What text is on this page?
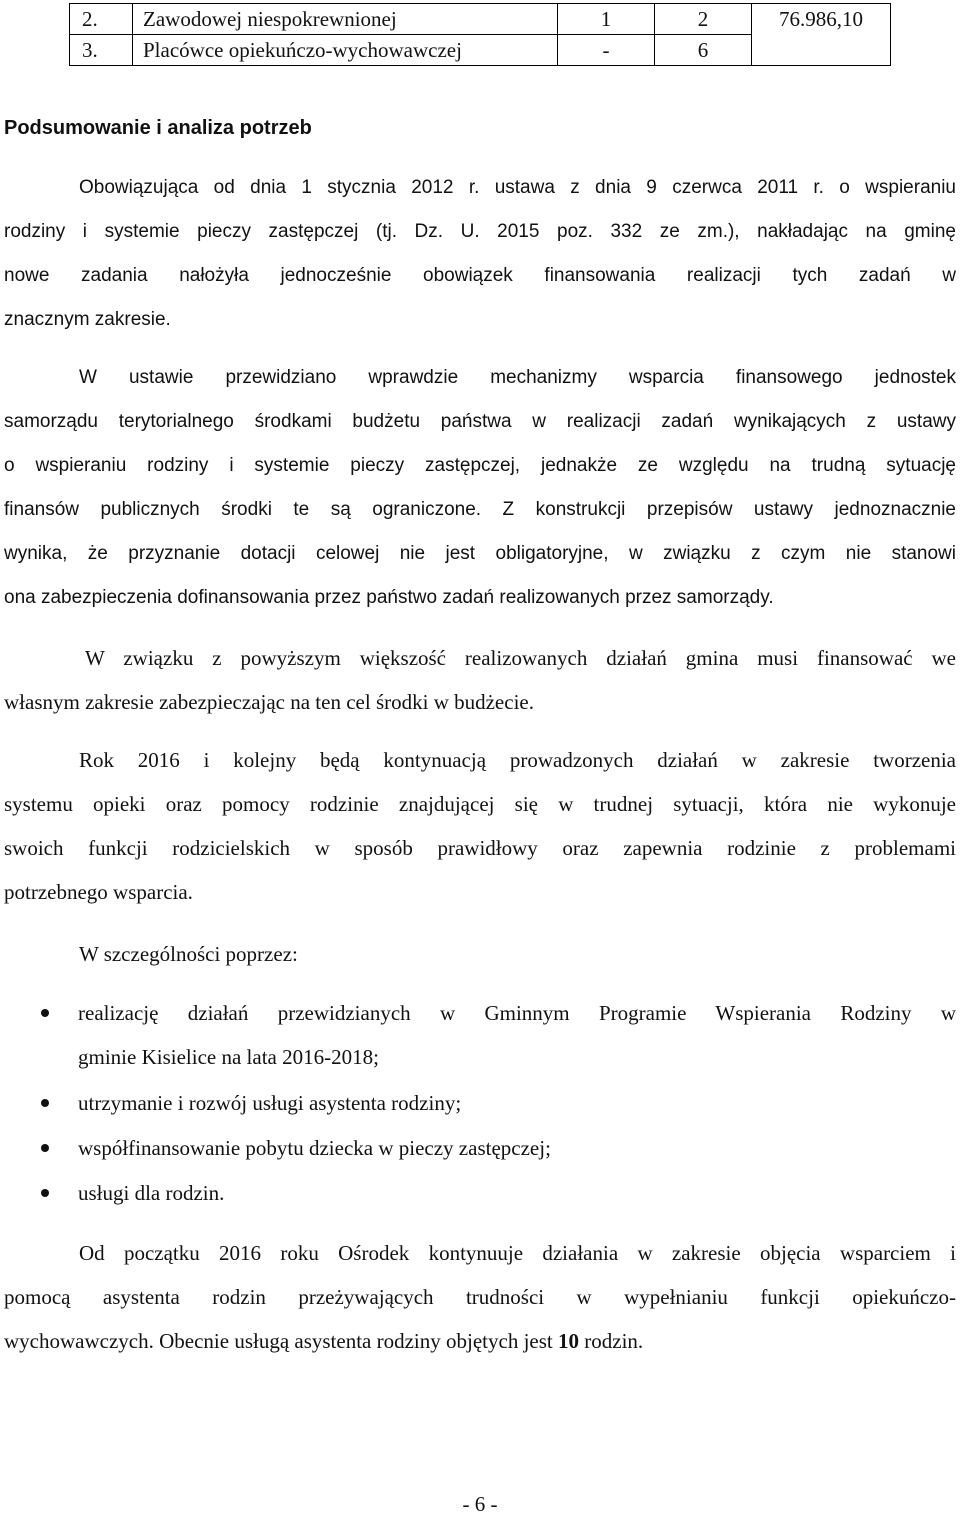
2.	Zawodowej niespokrewnionej	1	2	76.986,10
3.	Placówce opiekuńczo-wychowawczej	-	6	
Podsumowanie i analiza potrzeb
Obowiązująca od dnia 1 stycznia 2012 r. ustawa z dnia 9 czerwca 2011 r. o wspieraniu
rodziny i systemie pieczy zastępczej (tj. Dz. U. 2015 poz. 332 ze zm.), nakładając na gminę
nowe zadania nałożyła jednocześnie obowiązek finansowania realizacji tych zadań w
znacznym zakresie.
W ustawie przewidziano wprawdzie mechanizmy wsparcia finansowego jednostek
samorządu terytorialnego środkami budżetu państwa w realizacji zadań wynikających z ustawy
o wspieraniu rodziny i systemie pieczy zastępczej, jednakże ze względu na trudną sytuację
finansów publicznych środki te są ograniczone. Z konstrukcji przepisów ustawy jednoznacznie
wynika, że przyznanie dotacji celowej nie jest obligatoryjne, w związku z czym nie stanowi
ona zabezpieczenia dofinansowania przez państwo zadań realizowanych przez samorządy.
W związku z powyższym większość realizowanych działań gmina musi finansować we
własnym zakresie zabezpieczając na ten cel środki w budżecie.
Rok 2016 i kolejny będą kontynuacją prowadzonych działań w zakresie tworzenia
systemu opieki oraz pomocy rodzinie znajdującej się w trudnej sytuacji, która nie wykonuje
swoich funkcji rodzicielskich w sposób prawidłowy oraz zapewnia rodzinie z problemami
potrzebnego wsparcia.
W szczególności poprzez:
realizację działań przewidzianych w Gminnym Programie Wspierania Rodziny w
gminie Kisielice na lata 2016-2018;
utrzymanie i rozwój usługi asystenta rodziny;
współfinansowanie pobytu dziecka w pieczy zastępczej;
usługi dla rodzin.
Od początku 2016 roku Ośrodek kontynuuje działania w zakresie objęcia wsparciem i
pomocą asystenta rodzin przeżywających trudności w wypełnianiu funkcji opiekuńczo-
wychowawczych. Obecnie usługą asystenta rodziny objętych jest 10 rodzin.
- 6 -
